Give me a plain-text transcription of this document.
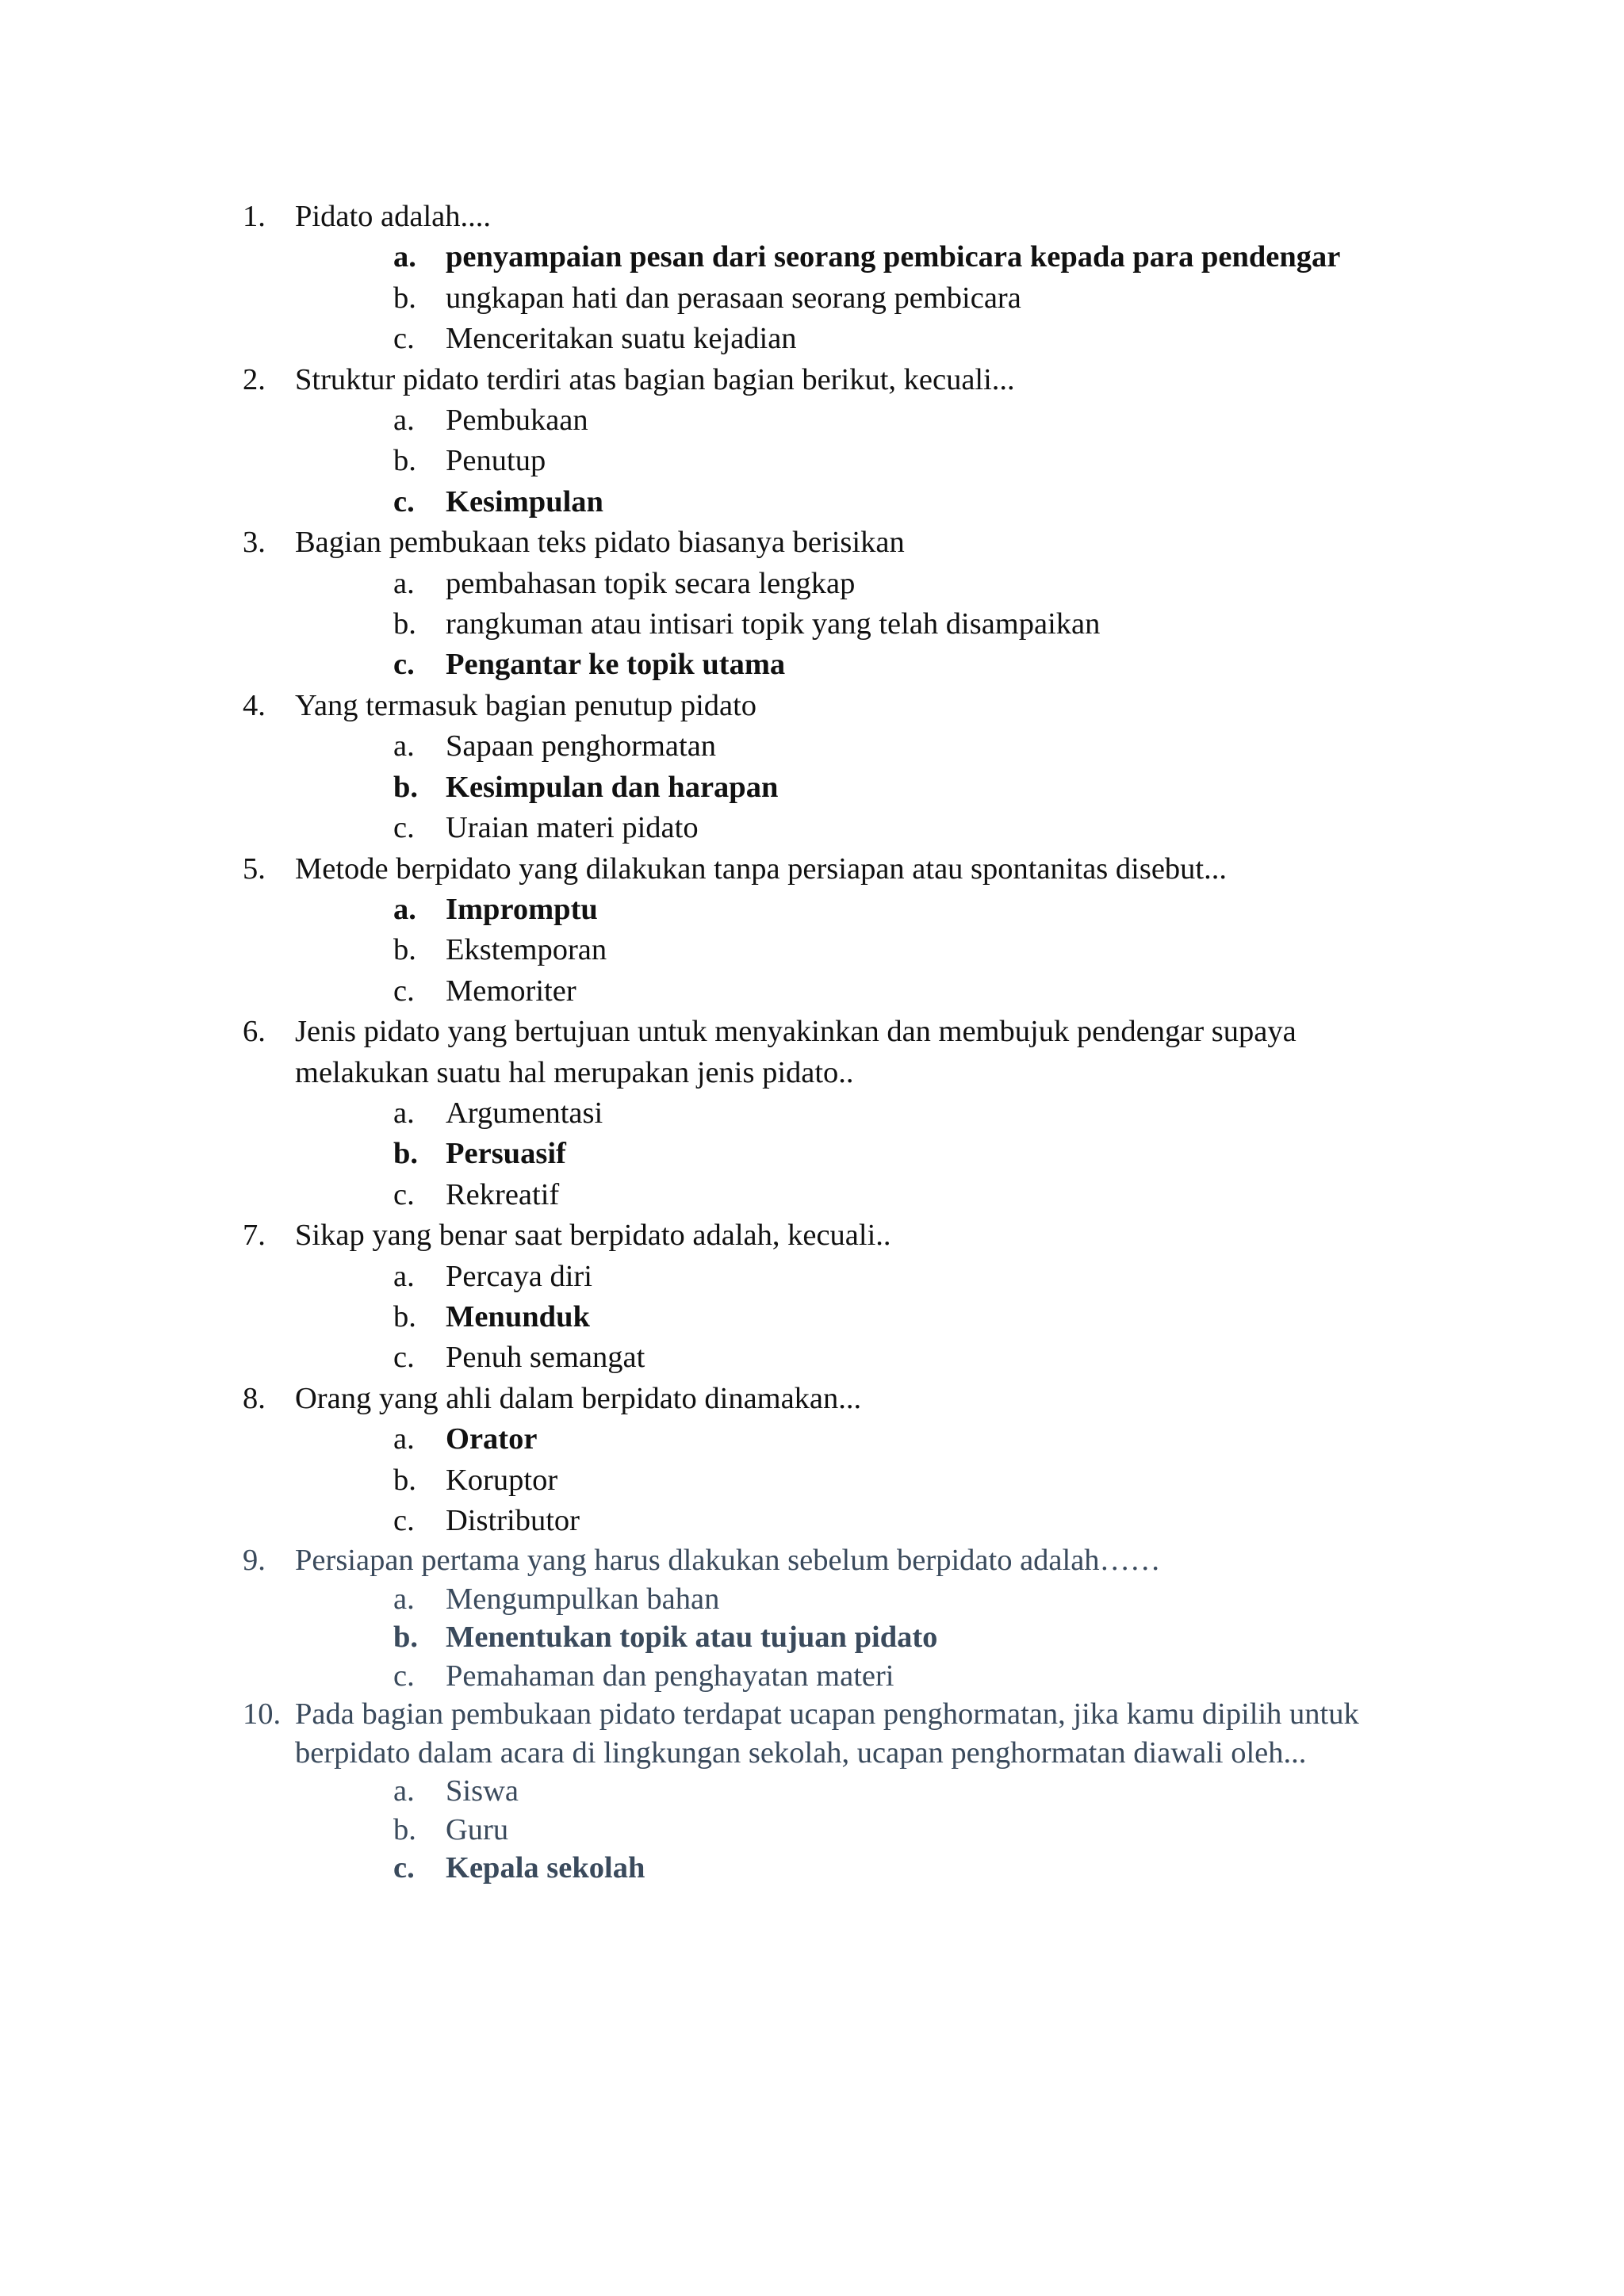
1. Pidato adalah....
a. penyampaian pesan dari seorang pembicara kepada para pendengar
b. ungkapan hati dan perasaan seorang pembicara
c. Menceritakan suatu kejadian
2. Struktur pidato terdiri atas bagian bagian berikut, kecuali...
a. Pembukaan
b. Penutup
c. Kesimpulan
3. Bagian pembukaan teks pidato biasanya berisikan
a. pembahasan topik secara lengkap
b. rangkuman atau intisari topik yang telah disampaikan
c. Pengantar ke topik utama
4. Yang termasuk bagian penutup pidato
a. Sapaan penghormatan
b. Kesimpulan dan harapan
c. Uraian materi pidato
5. Metode berpidato yang dilakukan tanpa persiapan atau spontanitas disebut...
a. Impromptu
b. Ekstemporan
c. Memoriter
6. Jenis pidato yang bertujuan untuk menyakinkan dan membujuk pendengar supaya melakukan suatu hal merupakan jenis pidato..
a. Argumentasi
b. Persuasif
c. Rekreatif
7. Sikap yang benar saat berpidato adalah, kecuali..
a. Percaya diri
b. Menunduk
c. Penuh semangat
8. Orang yang ahli dalam berpidato dinamakan...
a. Orator
b. Koruptor
c. Distributor
9. Persiapan pertama yang harus dlakukan sebelum berpidato adalah……
a. Mengumpulkan bahan
b. Menentukan topik atau tujuan pidato
c. Pemahaman dan penghayatan materi
10. Pada bagian pembukaan pidato terdapat ucapan penghormatan, jika kamu dipilih untuk berpidato dalam acara di lingkungan sekolah, ucapan penghormatan diawali oleh...
a. Siswa
b. Guru
c. Kepala sekolah
